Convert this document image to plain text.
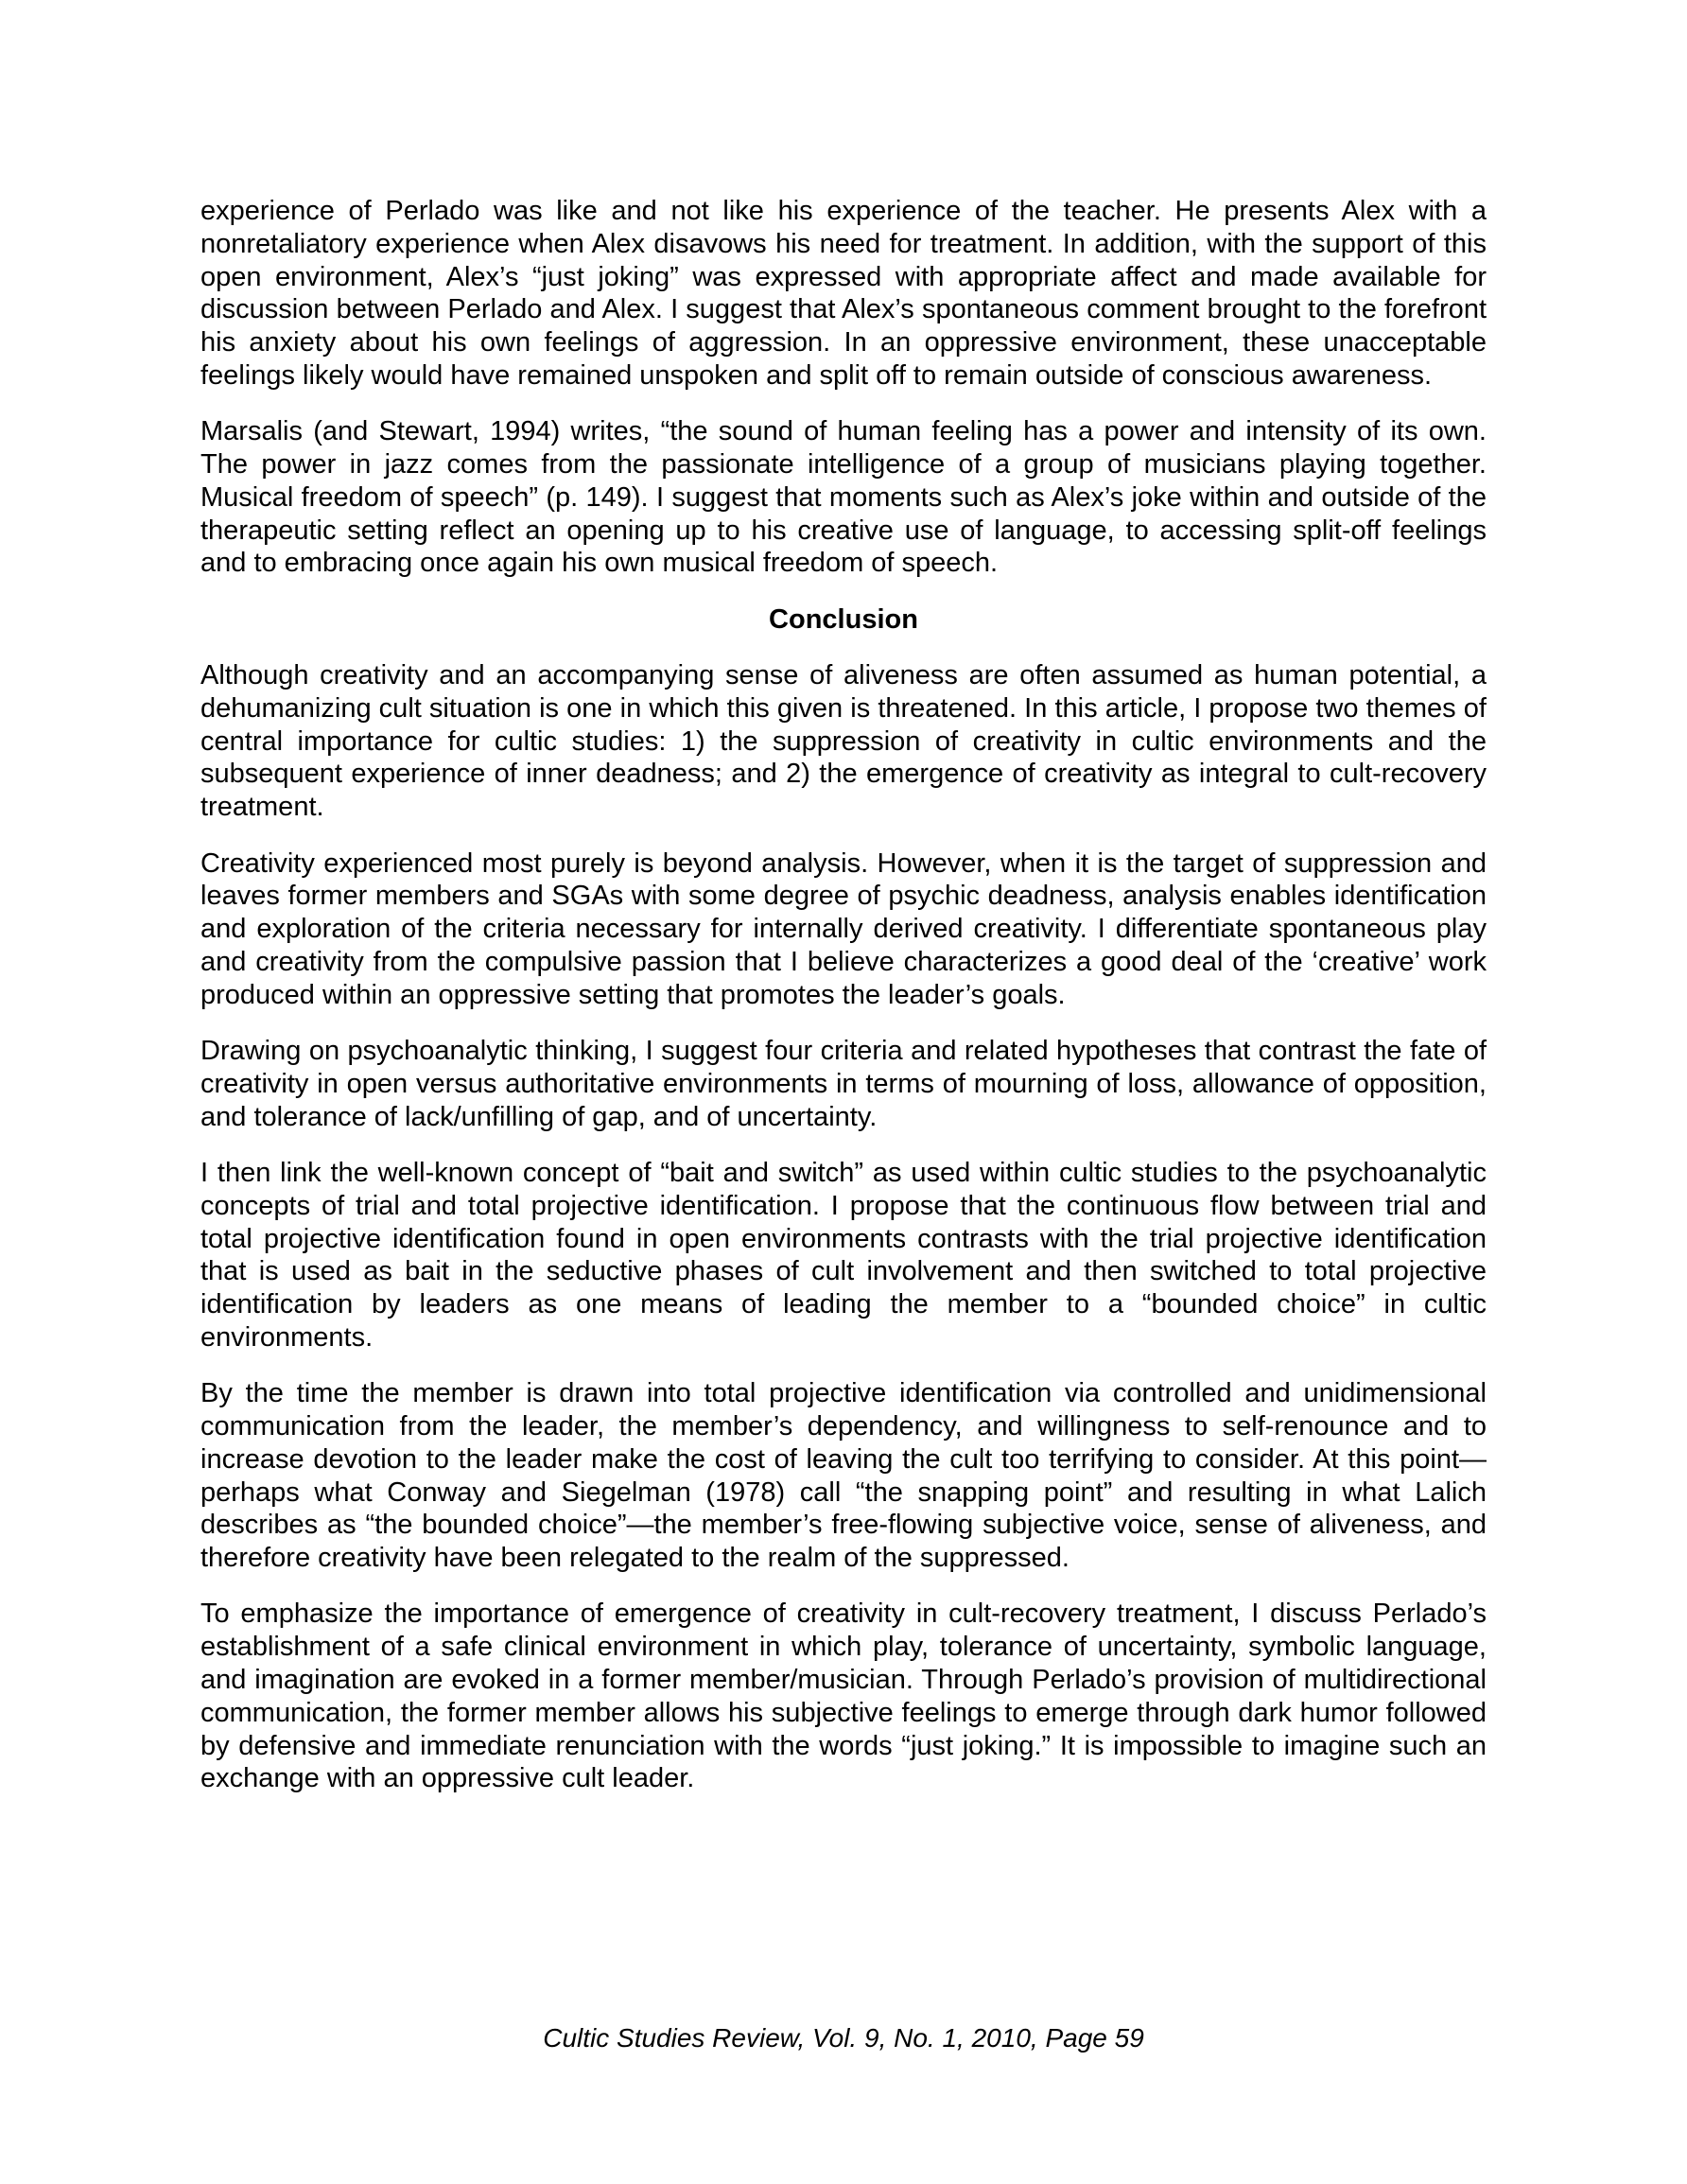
experience of Perlado was like and not like his experience of the teacher. He presents Alex with a nonretaliatory experience when Alex disavows his need for treatment. In addition, with the support of this open environment, Alex’s “just joking” was expressed with appropriate affect and made available for discussion between Perlado and Alex. I suggest that Alex’s spontaneous comment brought to the forefront his anxiety about his own feelings of aggression. In an oppressive environment, these unacceptable feelings likely would have remained unspoken and split off to remain outside of conscious awareness.

Marsalis (and Stewart, 1994) writes, “the sound of human feeling has a power and intensity of its own. The power in jazz comes from the passionate intelligence of a group of musicians playing together. Musical freedom of speech” (p. 149). I suggest that moments such as Alex’s joke within and outside of the therapeutic setting reflect an opening up to his creative use of language, to accessing split-off feelings and to embracing once again his own musical freedom of speech.

Conclusion

Although creativity and an accompanying sense of aliveness are often assumed as human potential, a dehumanizing cult situation is one in which this given is threatened. In this article, I propose two themes of central importance for cultic studies: 1) the suppression of creativity in cultic environments and the subsequent experience of inner deadness; and 2) the emergence of creativity as integral to cult-recovery treatment.

Creativity experienced most purely is beyond analysis. However, when it is the target of suppression and leaves former members and SGAs with some degree of psychic deadness, analysis enables identification and exploration of the criteria necessary for internally derived creativity. I differentiate spontaneous play and creativity from the compulsive passion that I believe characterizes a good deal of the ‘creative’ work produced within an oppressive setting that promotes the leader’s goals.

Drawing on psychoanalytic thinking, I suggest four criteria and related hypotheses that contrast the fate of creativity in open versus authoritative environments in terms of mourning of loss, allowance of opposition, and tolerance of lack/unfilling of gap, and of uncertainty.

I then link the well-known concept of “bait and switch” as used within cultic studies to the psychoanalytic concepts of trial and total projective identification. I propose that the continuous flow between trial and total projective identification found in open environments contrasts with the trial projective identification that is used as bait in the seductive phases of cult involvement and then switched to total projective identification by leaders as one means of leading the member to a “bounded choice” in cultic environments.

By the time the member is drawn into total projective identification via controlled and unidimensional communication from the leader, the member’s dependency, and willingness to self-renounce and to increase devotion to the leader make the cost of leaving the cult too terrifying to consider. At this point—perhaps what Conway and Siegelman (1978) call “the snapping point” and resulting in what Lalich describes as “the bounded choice”—the member’s free-flowing subjective voice, sense of aliveness, and therefore creativity have been relegated to the realm of the suppressed.

To emphasize the importance of emergence of creativity in cult-recovery treatment, I discuss Perlado’s establishment of a safe clinical environment in which play, tolerance of uncertainty, symbolic language, and imagination are evoked in a former member/musician. Through Perlado’s provision of multidirectional communication, the former member allows his subjective feelings to emerge through dark humor followed by defensive and immediate renunciation with the words “just joking.” It is impossible to imagine such an exchange with an oppressive cult leader.

Cultic Studies Review, Vol. 9, No. 1, 2010, Page 59
